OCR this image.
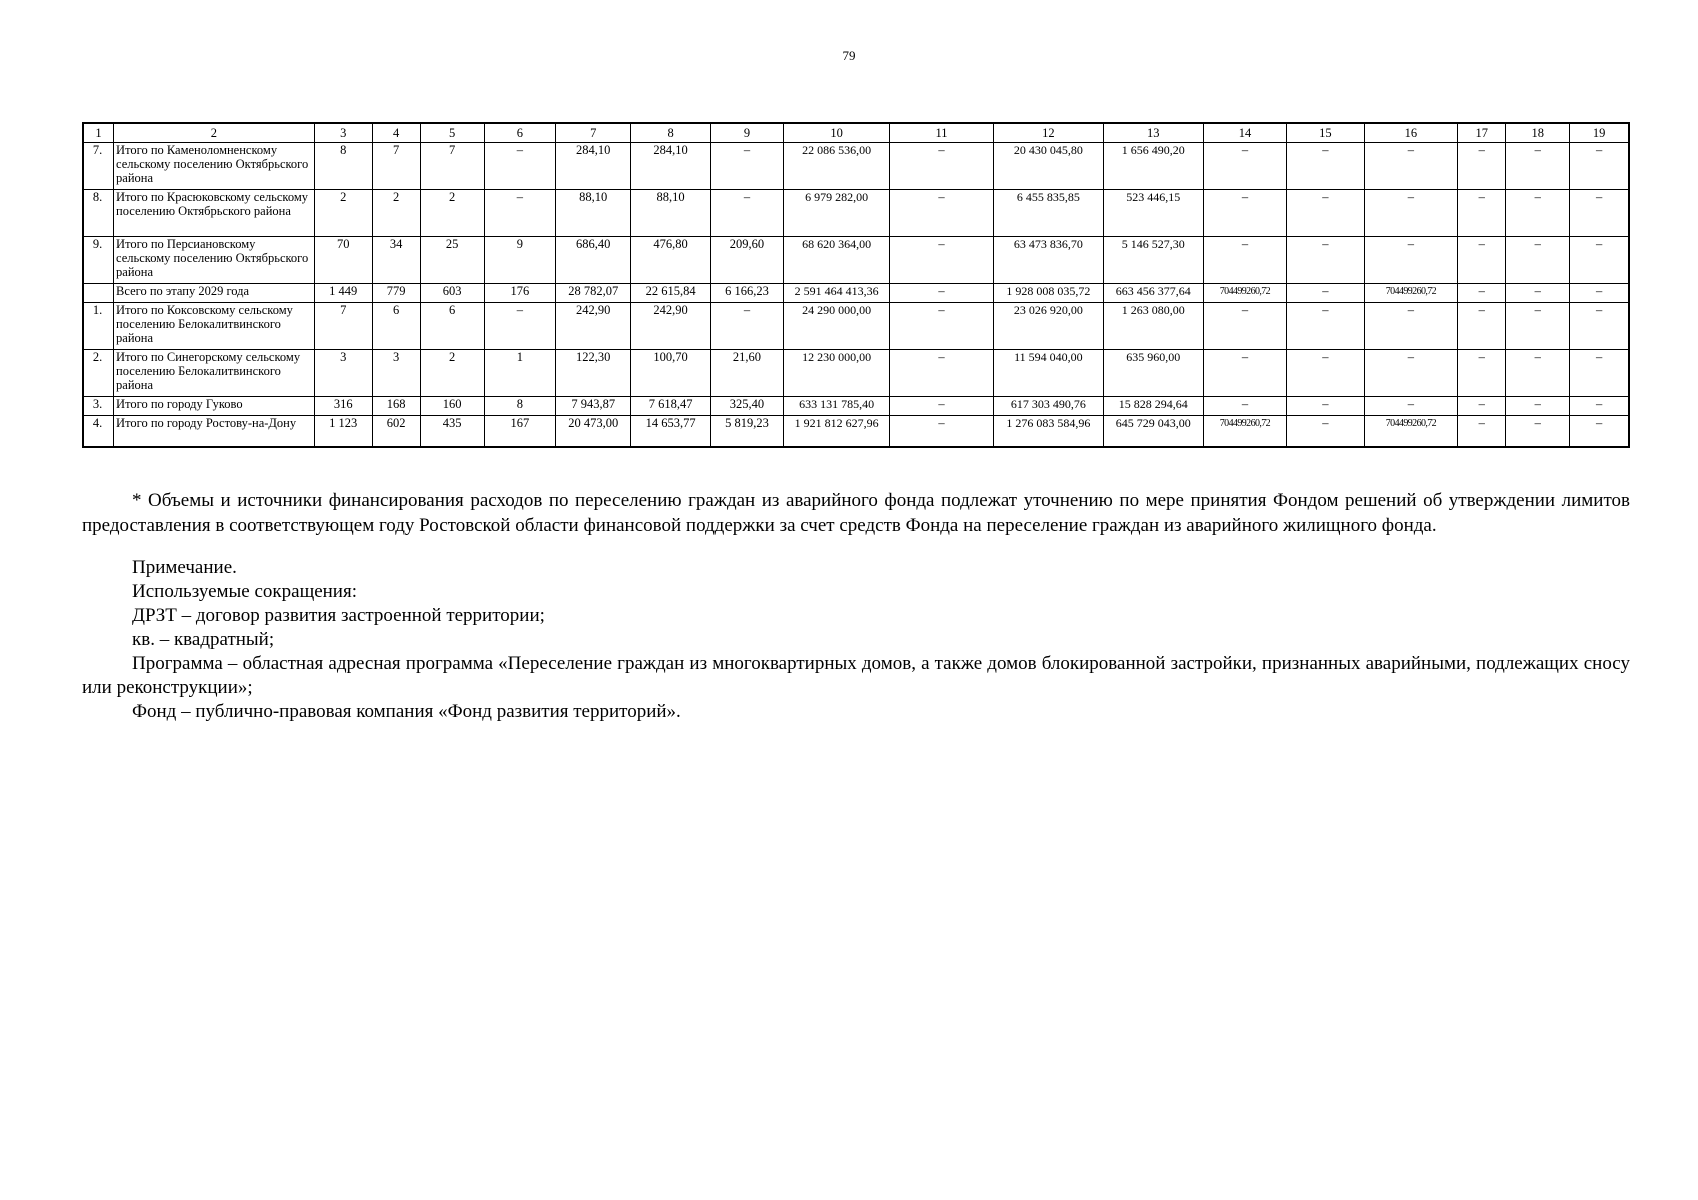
79
1	2	3	4	5	6	7	8	9	10	11	12	13	14	15	16	17	18	19
7.	Итого по Каменоломненскому сельскому поселению Октябрьского района	8	7	7	–	284,10	284,10	–	22 086 536,00	–	20 430 045,80	1 656 490,20	–	–	–	–	–	–
8.	Итого по Красюковскому сельскому поселению Октябрьского района	2	2	2	–	88,10	88,10	–	6 979 282,00	–	6 455 835,85	523 446,15	–	–	–	–	–	–
9.	Итого по Персиановскому сельскому поселению Октябрьского района	70	34	25	9	686,40	476,80	209,60	68 620 364,00	–	63 473 836,70	5 146 527,30	–	–	–	–	–	–
	Всего по этапу 2029 года	1 449	779	603	176	28 782,07	22 615,84	6 166,23	2 591 464 413,36	–	1 928 008 035,72	663 456 377,64	704499260,72	–	704499260,72	–	–	–
1.	Итого по Коксовскому сельскому поселению Белокалитвинского района	7	6	6	–	242,90	242,90	–	24 290 000,00	–	23 026 920,00	1 263 080,00	–	–	–	–	–	–
2.	Итого по Синегорскому сельскому поселению Белокалитвинского района	3	3	2	1	122,30	100,70	21,60	12 230 000,00	–	11 594 040,00	635 960,00	–	–	–	–	–	–
3.	Итого по городу Гуково	316	168	160	8	7 943,87	7 618,47	325,40	633 131 785,40	–	617 303 490,76	15 828 294,64	–	–	–	–	–	–
4.	Итого по городу Ростову-на-Дону	1 123	602	435	167	20 473,00	14 653,77	5 819,23	1 921 812 627,96	–	1 276 083 584,96	645 729 043,00	704499260,72	–	704499260,72	–	–	–
* Объемы и источники финансирования расходов по переселению граждан из аварийного фонда подлежат уточнению по мере принятия Фондом решений об утверждении лимитов предоставления в соответствующем году Ростовской области финансовой поддержки за счет средств Фонда на переселение граждан из аварийного жилищного фонда.

Примечание.

Используемые сокращения:

ДРЗТ – договор развития застроенной территории;

кв. – квадратный;

Программа – областная адресная программа «Переселение граждан из многоквартирных домов, а также домов блокированной застройки, признанных аварийными, подлежащих сносу или реконструкции»;

Фонд – публично-правовая компания «Фонд развития территорий».
